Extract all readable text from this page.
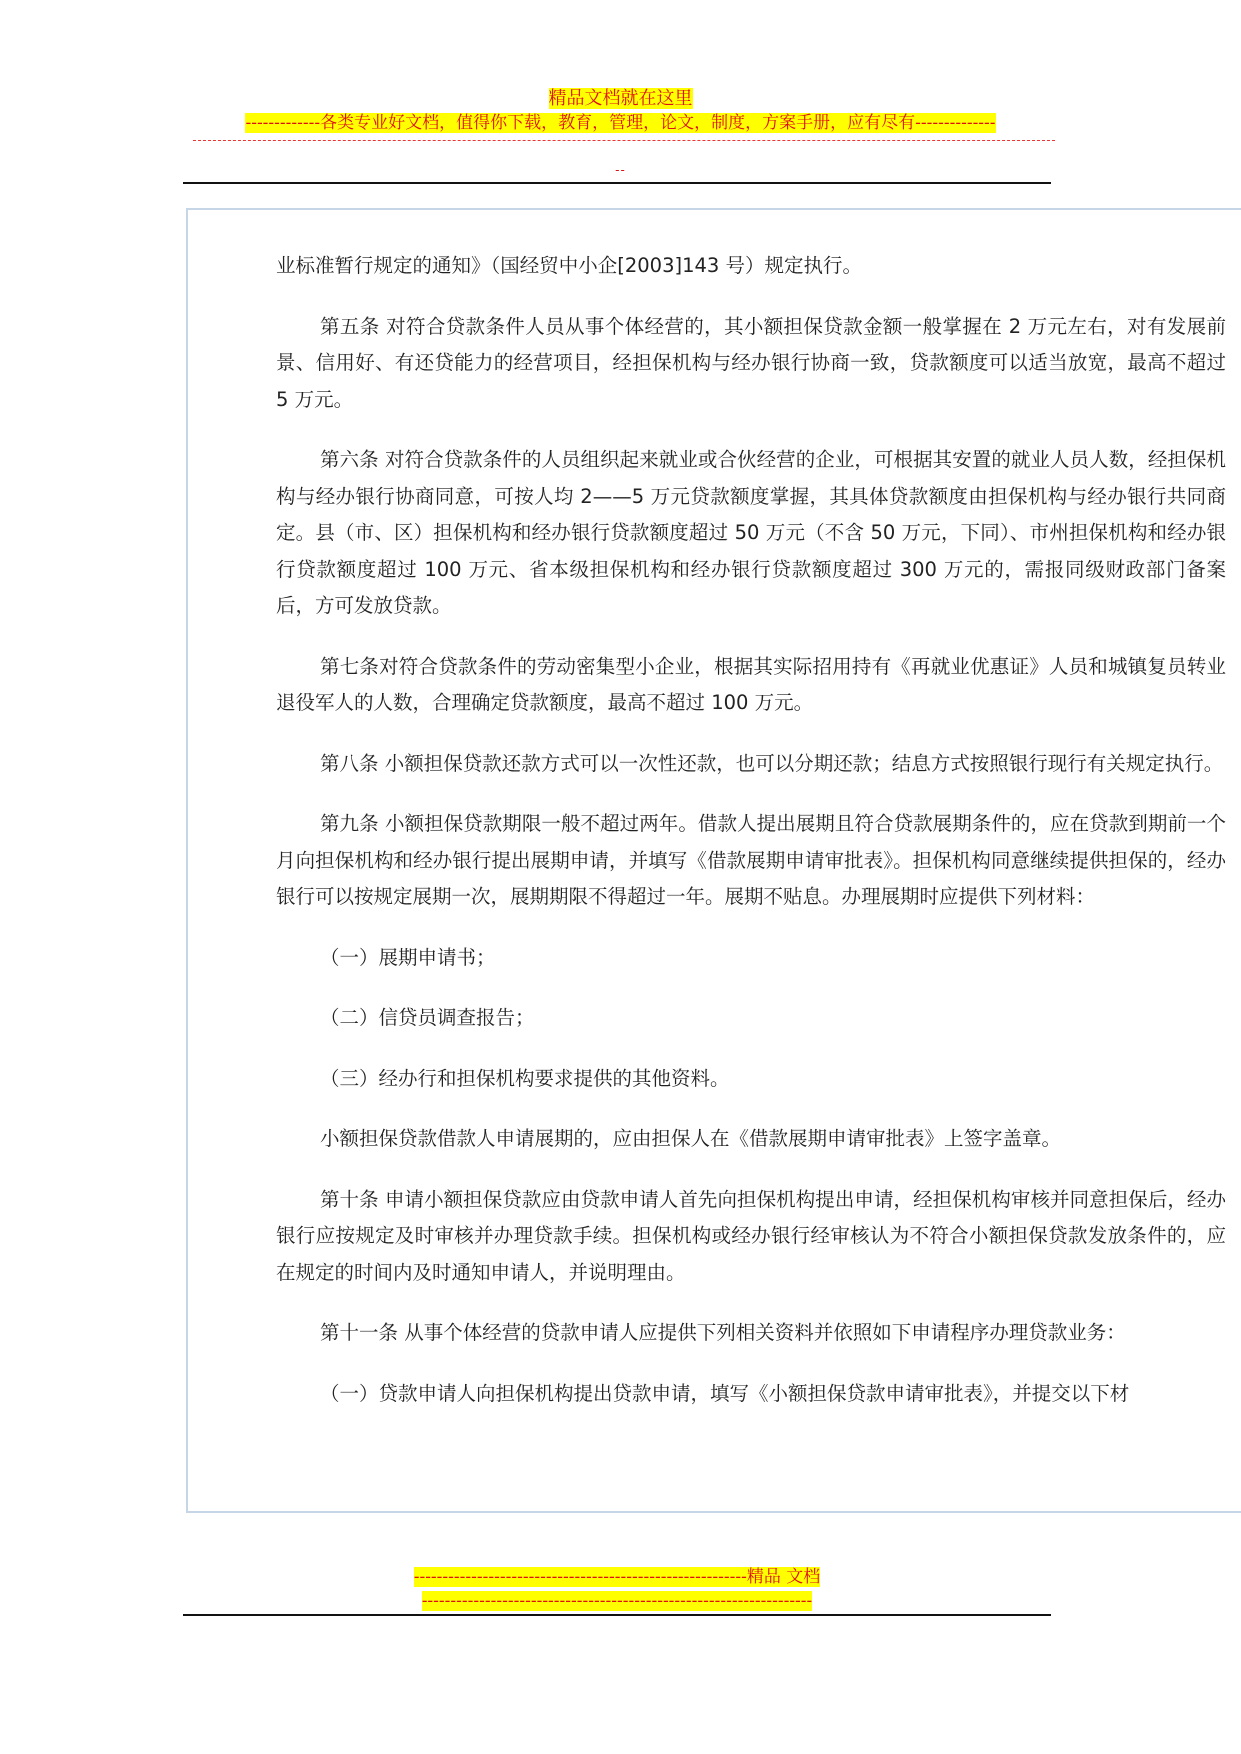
精品文档就在这里
-------------各类专业好文档，值得你下载，教育，管理，论文，制度，方案手册，应有尽有--------------
--

业标准暂行规定的通知》（国经贸中小企[2003]143 号）规定执行。

第五条 对符合贷款条件人员从事个体经营的，其小额担保贷款金额一般掌握在 2 万元左右，对有发展前景、信用好、有还贷能力的经营项目，经担保机构与经办银行协商一致，贷款额度可以适当放宽，最高不超过 5 万元。

第六条 对符合贷款条件的人员组织起来就业或合伙经营的企业，可根据其安置的就业人员人数，经担保机构与经办银行协商同意，可按人均 2——5 万元贷款额度掌握，其具体贷款额度由担保机构与经办银行共同商定。县（市、区）担保机构和经办银行贷款额度超过 50 万元（不含 50 万元，下同）、市州担保机构和经办银行贷款额度超过 100 万元、省本级担保机构和经办银行贷款额度超过 300 万元的，需报同级财政部门备案后，方可发放贷款。

第七条对符合贷款条件的劳动密集型小企业，根据其实际招用持有《再就业优惠证》人员和城镇复员转业退役军人的人数，合理确定贷款额度，最高不超过 100 万元。

第八条 小额担保贷款还款方式可以一次性还款，也可以分期还款；结息方式按照银行现行有关规定执行。

第九条 小额担保贷款期限一般不超过两年。借款人提出展期且符合贷款展期条件的，应在贷款到期前一个月向担保机构和经办银行提出展期申请，并填写《借款展期申请审批表》。担保机构同意继续提供担保的，经办银行可以按规定展期一次，展期期限不得超过一年。展期不贴息。办理展期时应提供下列材料：

（一）展期申请书；

（二）信贷员调查报告；

（三）经办行和担保机构要求提供的其他资料。

小额担保贷款借款人申请展期的，应由担保人在《借款展期申请审批表》上签字盖章。

第十条 申请小额担保贷款应由贷款申请人首先向担保机构提出申请，经担保机构审核并同意担保后，经办银行应按规定及时审核并办理贷款手续。担保机构或经办银行经审核认为不符合小额担保贷款发放条件的，应在规定的时间内及时通知申请人，并说明理由。

第十一条 从事个体经营的贷款申请人应提供下列相关资料并依照如下申请程序办理贷款业务：

（一）贷款申请人向担保机构提出贷款申请，填写《小额担保贷款申请审批表》，并提交以下材

----------------------------------------------------------精品 文档
--------------------------------------------------------------------
